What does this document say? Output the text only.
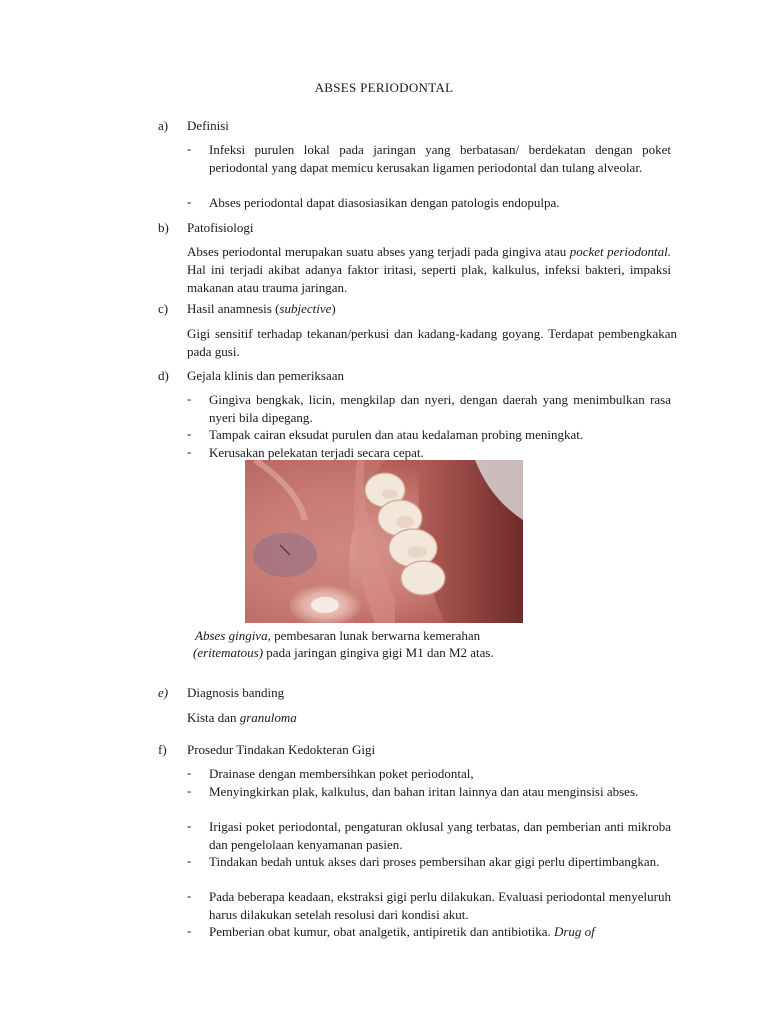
ABSES PERIODONTAL
a) Definisi
- Infeksi purulen lokal pada jaringan yang berbatasan/ berdekatan dengan poket periodontal yang dapat memicu kerusakan ligamen periodontal dan tulang alveolar.
- Abses periodontal dapat diasosiasikan dengan patologis endopulpa.
b) Patofisiologi
Abses periodontal merupakan suatu abses yang terjadi pada gingiva atau pocket periodontal. Hal ini terjadi akibat adanya faktor iritasi, seperti plak, kalkulus, infeksi bakteri, impaksi makanan atau trauma jaringan.
c) Hasil anamnesis (subjective)
Gigi sensitif terhadap tekanan/perkusi dan kadang-kadang goyang. Terdapat pembengkakan pada gusi.
d) Gejala klinis dan pemeriksaan
- Gingiva bengkak, licin, mengkilap dan nyeri, dengan daerah yang menimbulkan rasa nyeri bila dipegang.
- Tampak cairan eksudat purulen dan atau kedalaman probing meningkat.
- Kerusakan pelekatan terjadi secara cepat.
Abses gingiva, pembesaran lunak berwarna kemerahan
(eritematous) pada jaringan gingiva gigi M1 dan M2 atas.
e) Diagnosis banding
Kista dan granuloma
f) Prosedur Tindakan Kedokteran Gigi
- Drainase dengan membersihkan poket periodontal,
- Menyingkirkan plak, kalkulus, dan bahan iritan lainnya dan atau menginsisi abses.
- Irigasi poket periodontal, pengaturan oklusal yang terbatas, dan pemberian anti mikroba dan pengelolaan kenyamanan pasien.
- Tindakan bedah untuk akses dari proses pembersihan akar gigi perlu dipertimbangkan.
- Pada beberapa keadaan, ekstraksi gigi perlu dilakukan. Evaluasi periodontal menyeluruh harus dilakukan setelah resolusi dari kondisi akut.
- Pemberian obat kumur, obat analgetik, antipiretik dan antibiotika. Drug of
